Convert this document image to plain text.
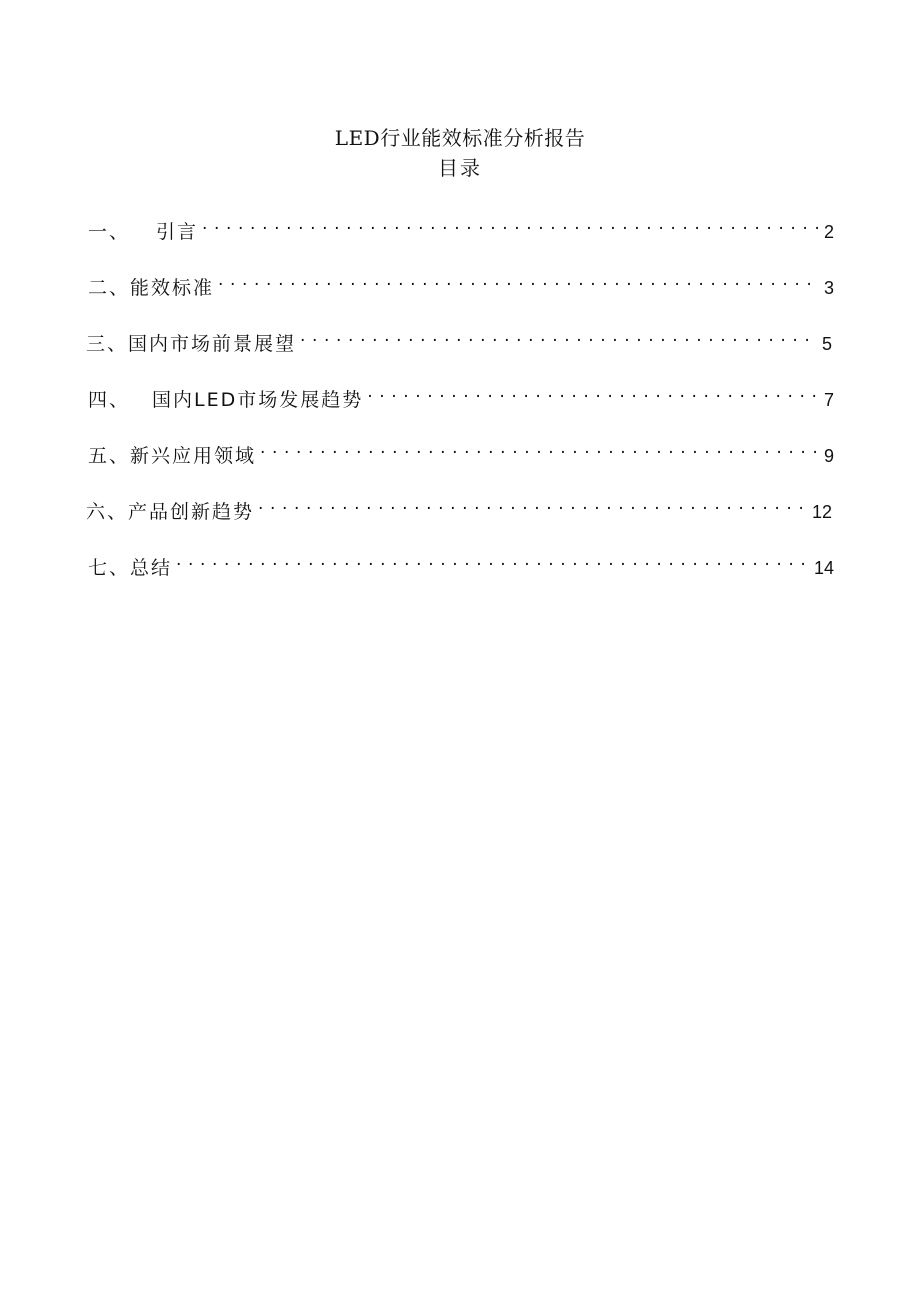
LED行业能效标准分析报告
目录
一、 引言 . . .	2
二、 能效标准 . . .	3
三、 国内市场前景展望 . . .	5
四、 国内LED市场发展趋势 . . .	7
五、 新兴应用领域 . . .	9
六、 产品创新趋势 . . .	12
七、 总结 . . .	14
